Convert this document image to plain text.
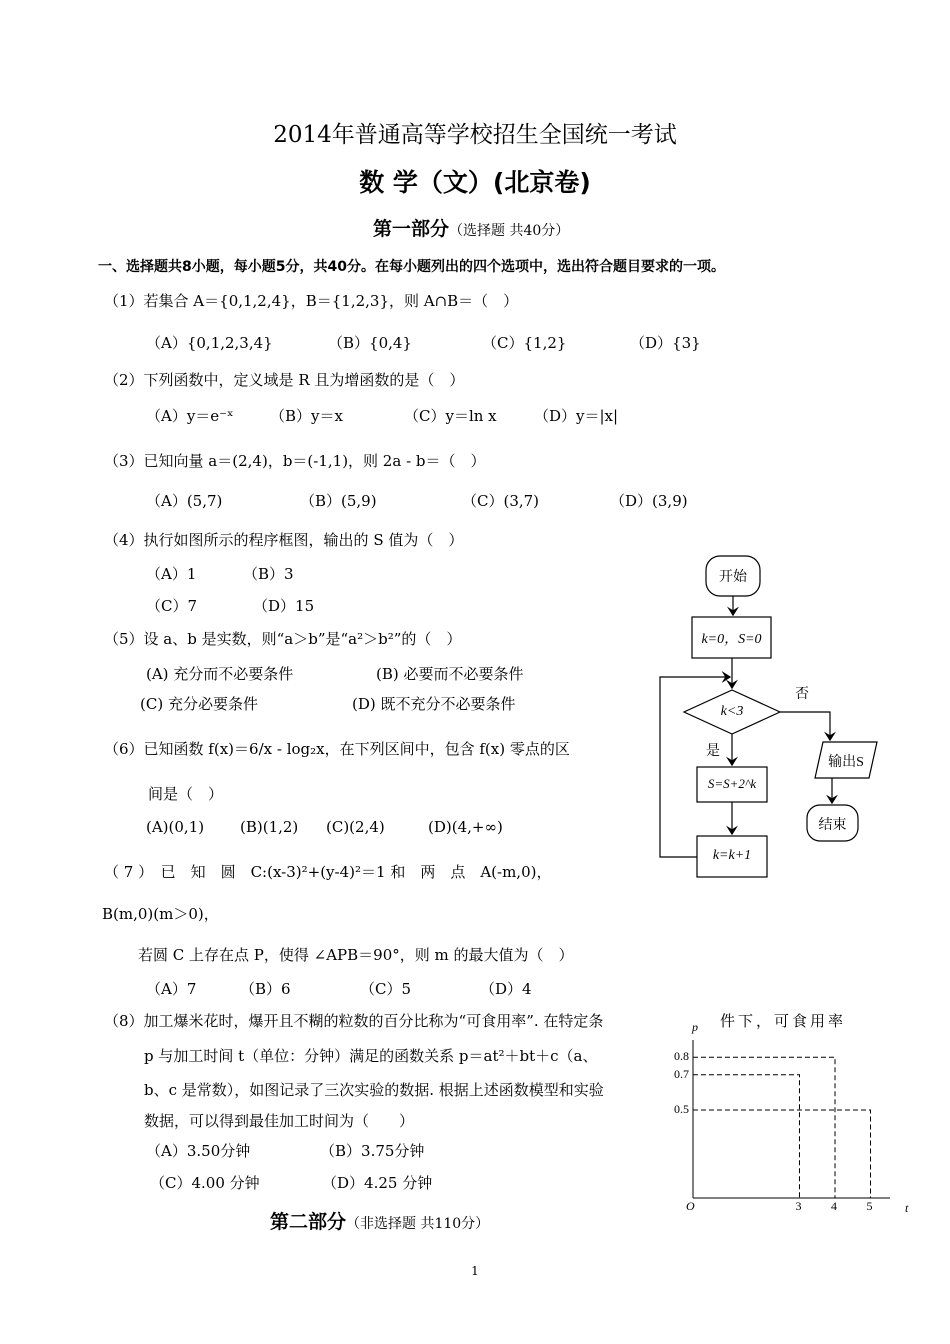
2014年普通高等学校招生全国统一考试
数 学（文）(北京卷)
第一部分（选择题 共40分）
一、选择题共8小题，每小题5分，共40分。在每小题列出的四个选项中，选出符合题目要求的一项。
（1）若集合 A＝{0,1,2,4}，B＝{1,2,3}，则 A∩B＝（　）
（A）{0,1,2,3,4}	（B）{0,4}	（C）{1,2}	（D）{3}
（2）下列函数中，定义域是 R 且为增函数的是（　）
（A）y＝e⁻ˣ （B）y＝x	（C）y＝ln x （D）y＝|x|
（3）已知向量 a＝(2,4)，b＝(-1,1)，则 2a - b＝（　）
（A）(5,7)	（B）(5,9)	（C）(3,7)	（D）(3,9)
（4）执行如图所示的程序框图，输出的 S 值为（　）
（A）1	（B）3
（C）7	（D）15
（5）设 a、b 是实数，则“a＞b”是“a²＞b²”的（　）
(A) 充分而不必要条件	(B) 必要而不必要条件
(C) 充分必要条件	(D) 既不充分不必要条件
（6）已知函数 f(x)＝6/x - log₂x，在下列区间中，包含 f(x) 零点的区
间是（　）
(A)(0,1) (B)(1,2) (C)(2,4)	(D)(4,+∞)
（ 7 ）　已　知　圆　C:(x-3)²+(y-4)²＝1 和　两　点　A(-m,0)，
B(m,0)(m＞0)，
若圆 C 上存在点 P，使得 ∠APB＝90°，则 m 的最大值为（　）
（A）7	（B）6	（C）5	（D）4
（8）加工爆米花时，爆开且不糊的粒数的百分比称为“可食用率”. 在特定条	件下，可食用率
p 与加工时间 t（单位：分钟）满足的函数关系 p＝at²＋bt＋c（a、
b、c 是常数），如图记录了三次实验的数据. 根据上述函数模型和实验
数据，可以得到最佳加工时间为（　　）
（A）3.50分钟	（B）3.75分钟
（C）4.00 分钟	（D）4.25 分钟
第二部分（非选择题 共110分）
1
开始
k=0，S=0
k<3
否
是
S=S+2^k
k=k+1
输出S
结束
3 4 5
0.8
0.7
0.5
O	t
p
